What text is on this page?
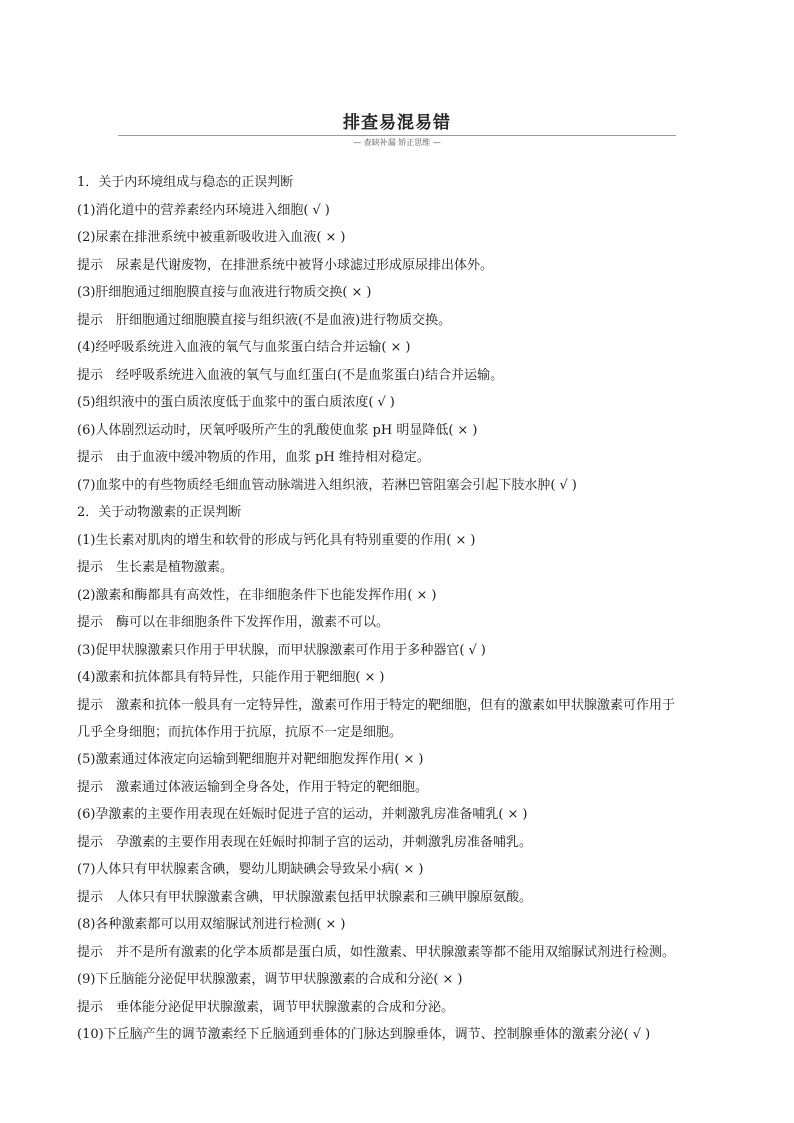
排查易混易错
— 查缺补漏 矫正思维 —
1．关于内环境组成与稳态的正误判断
(1)消化道中的营养素经内环境进入细胞( √ )
(2)尿素在排泄系统中被重新吸收进入血液( × )
提示　尿素是代谢废物，在排泄系统中被肾小球滤过形成原尿排出体外。
(3)肝细胞通过细胞膜直接与血液进行物质交换( × )
提示　肝细胞通过细胞膜直接与组织液(不是血液)进行物质交换。
(4)经呼吸系统进入血液的氧气与血浆蛋白结合并运输( × )
提示　经呼吸系统进入血液的氧气与血红蛋白(不是血浆蛋白)结合并运输。
(5)组织液中的蛋白质浓度低于血浆中的蛋白质浓度( √ )
(6)人体剧烈运动时，厌氧呼吸所产生的乳酸使血浆 pH 明显降低( × )
提示　由于血液中缓冲物质的作用，血浆 pH 维持相对稳定。
(7)血浆中的有些物质经毛细血管动脉端进入组织液，若淋巴管阻塞会引起下肢水肿( √ )
2．关于动物激素的正误判断
(1)生长素对肌肉的增生和软骨的形成与钙化具有特别重要的作用( × )
提示　生长素是植物激素。
(2)激素和酶都具有高效性，在非细胞条件下也能发挥作用( × )
提示　酶可以在非细胞条件下发挥作用，激素不可以。
(3)促甲状腺激素只作用于甲状腺，而甲状腺激素可作用于多种器官( √ )
(4)激素和抗体都具有特异性，只能作用于靶细胞( × )
提示　激素和抗体一般具有一定特异性，激素可作用于特定的靶细胞，但有的激素如甲状腺激素可作用于
几乎全身细胞；而抗体作用于抗原，抗原不一定是细胞。
(5)激素通过体液定向运输到靶细胞并对靶细胞发挥作用( × )
提示　激素通过体液运输到全身各处，作用于特定的靶细胞。
(6)孕激素的主要作用表现在妊娠时促进子宫的运动，并刺激乳房准备哺乳( × )
提示　孕激素的主要作用表现在妊娠时抑制子宫的运动，并刺激乳房准备哺乳。
(7)人体只有甲状腺素含碘，婴幼儿期缺碘会导致呆小病( × )
提示　人体只有甲状腺激素含碘，甲状腺激素包括甲状腺素和三碘甲腺原氨酸。
(8)各种激素都可以用双缩脲试剂进行检测( × )
提示　并不是所有激素的化学本质都是蛋白质，如性激素、甲状腺激素等都不能用双缩脲试剂进行检测。
(9)下丘脑能分泌促甲状腺激素，调节甲状腺激素的合成和分泌( × )
提示　垂体能分泌促甲状腺激素，调节甲状腺激素的合成和分泌。
(10)下丘脑产生的调节激素经下丘脑通到垂体的门脉达到腺垂体，调节、控制腺垂体的激素分泌( √ )
